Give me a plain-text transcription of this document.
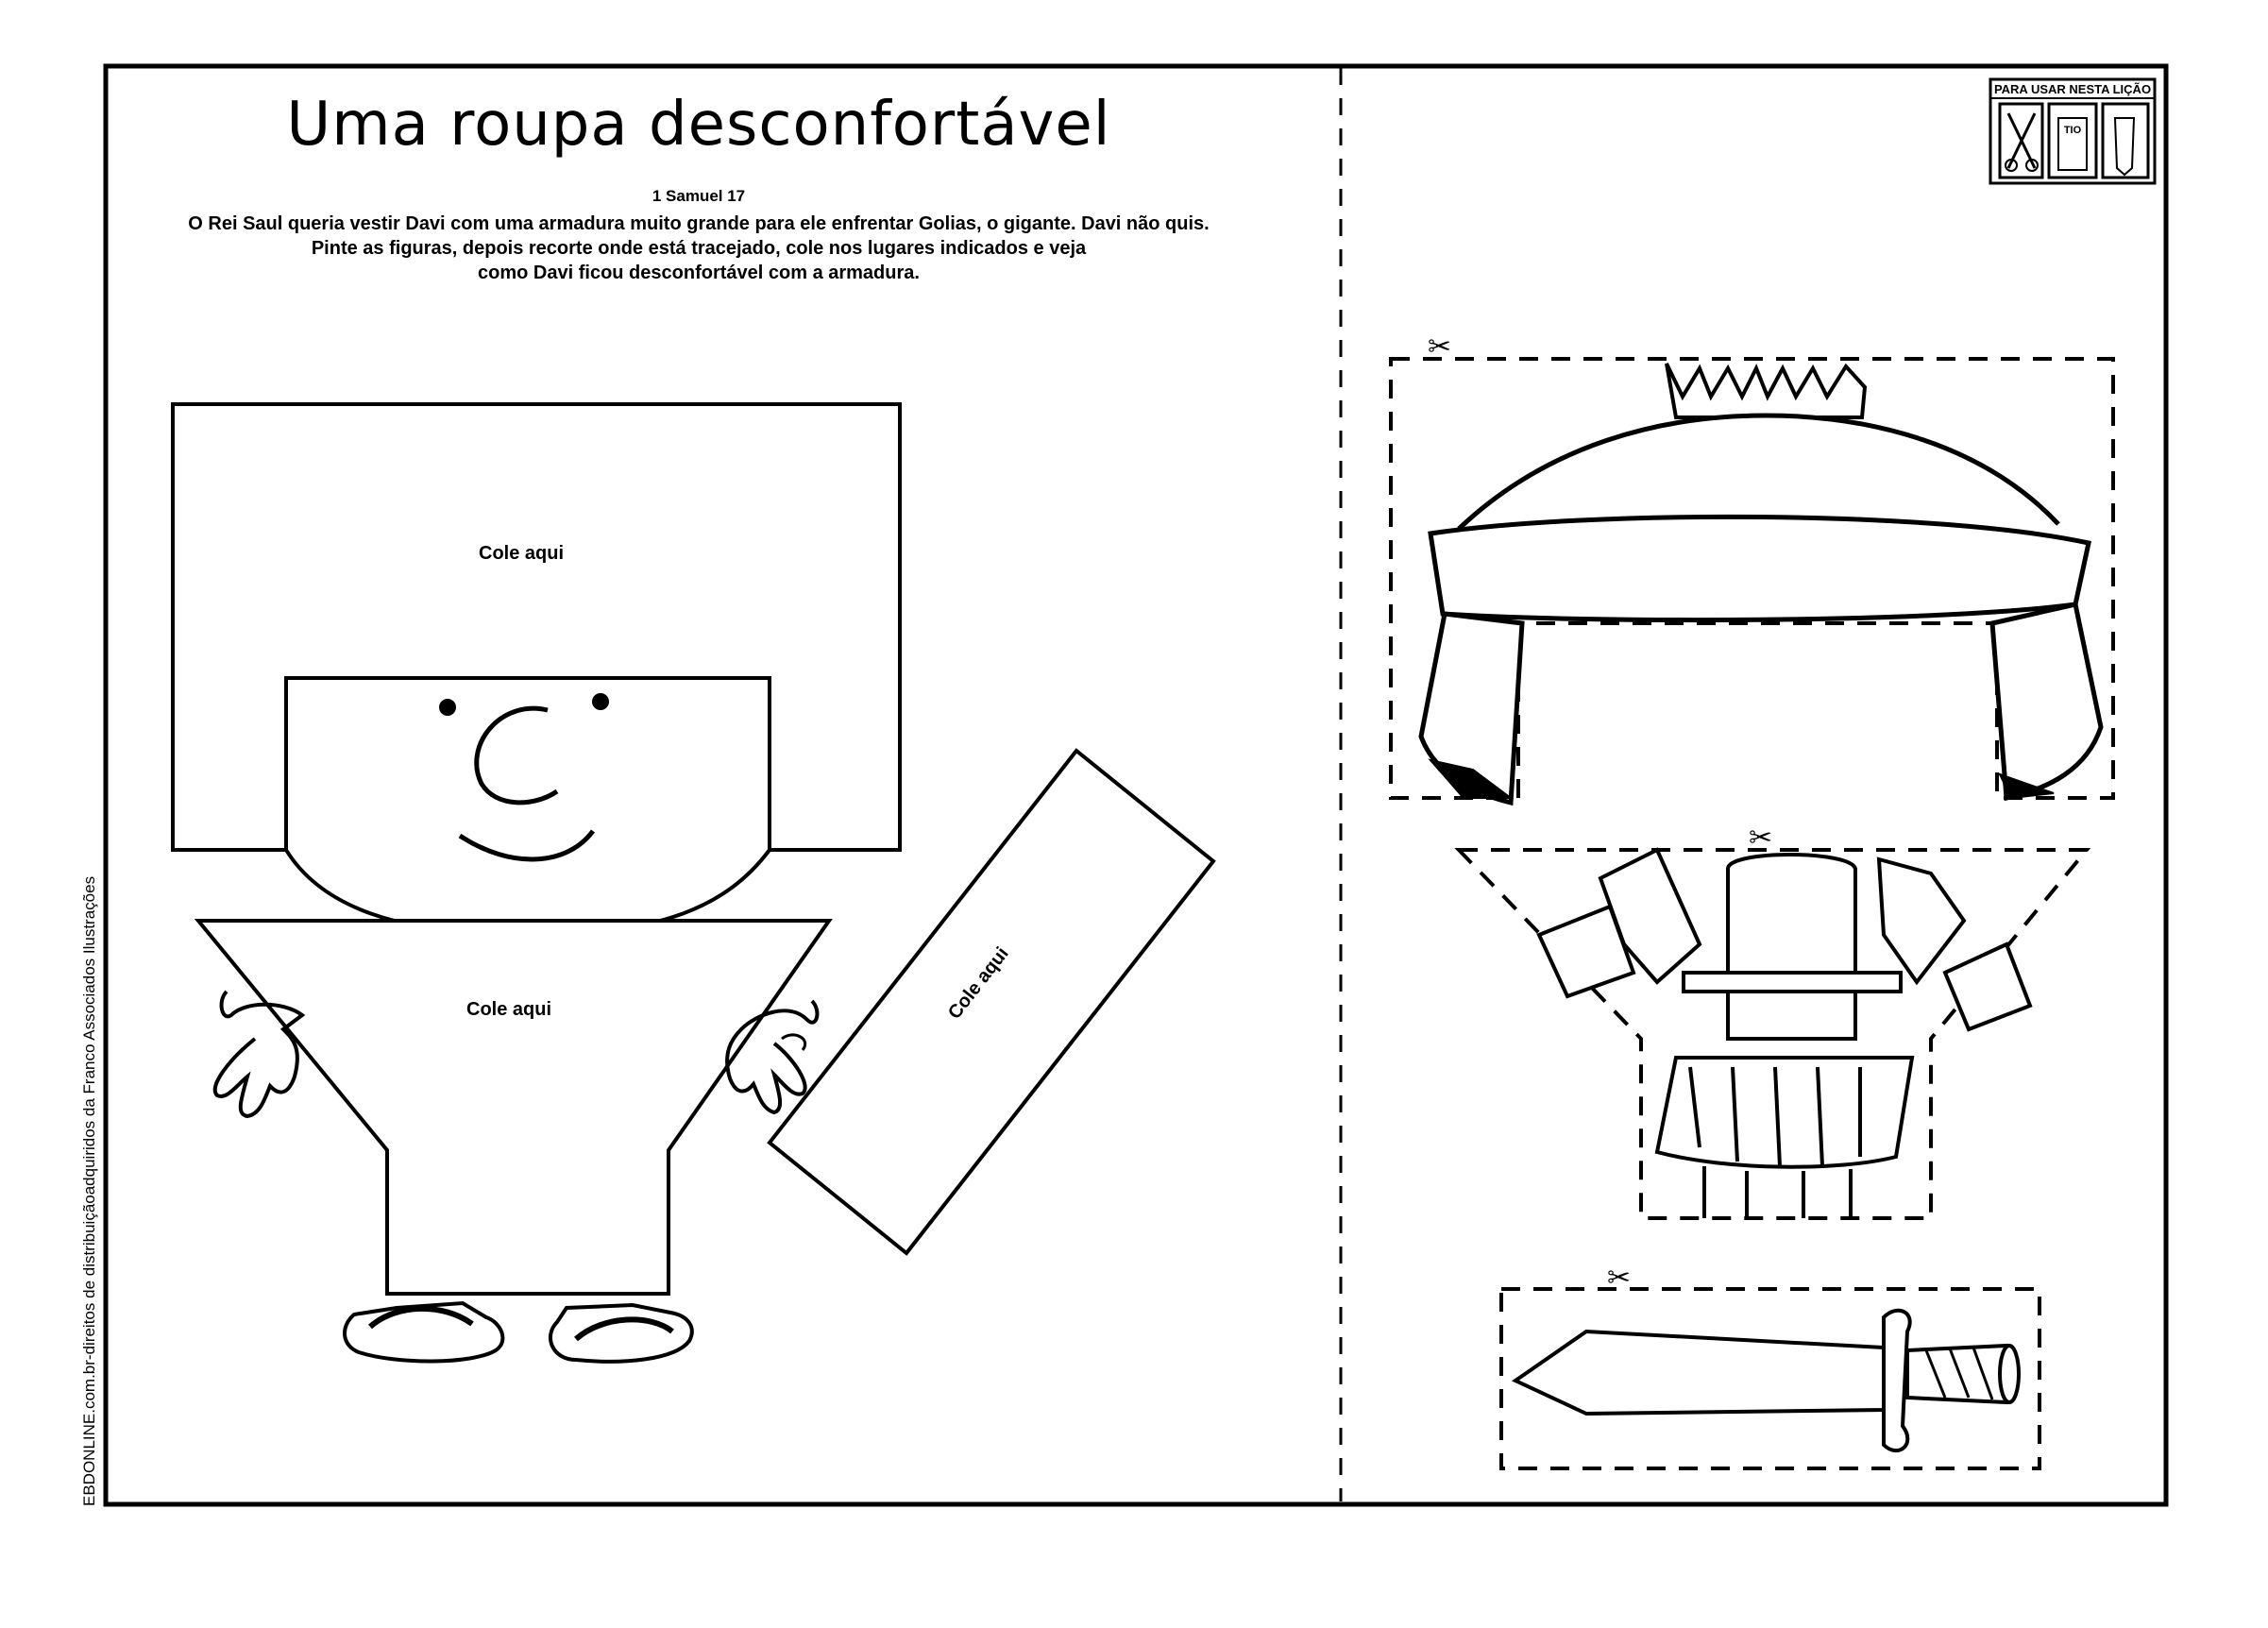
✂
✂
✂
Uma roupa desconfortável
1 Samuel 17
O Rei Saul queria vestir Davi com uma armadura muito grande para ele enfrentar Golias, o gigante. Davi não quis.
Pinte as figuras, depois recorte onde está tracejado, cole nos lugares indicados e veja
como Davi ficou desconfortável com a armadura.
Cole aqui
Cole aqui	Cole aqui
PARA USAR NESTA LIÇÃO
TIO
EBDONLINE.com.br-direitos de distribuiçãoadquiridos da Franco Associados Ilustrações
